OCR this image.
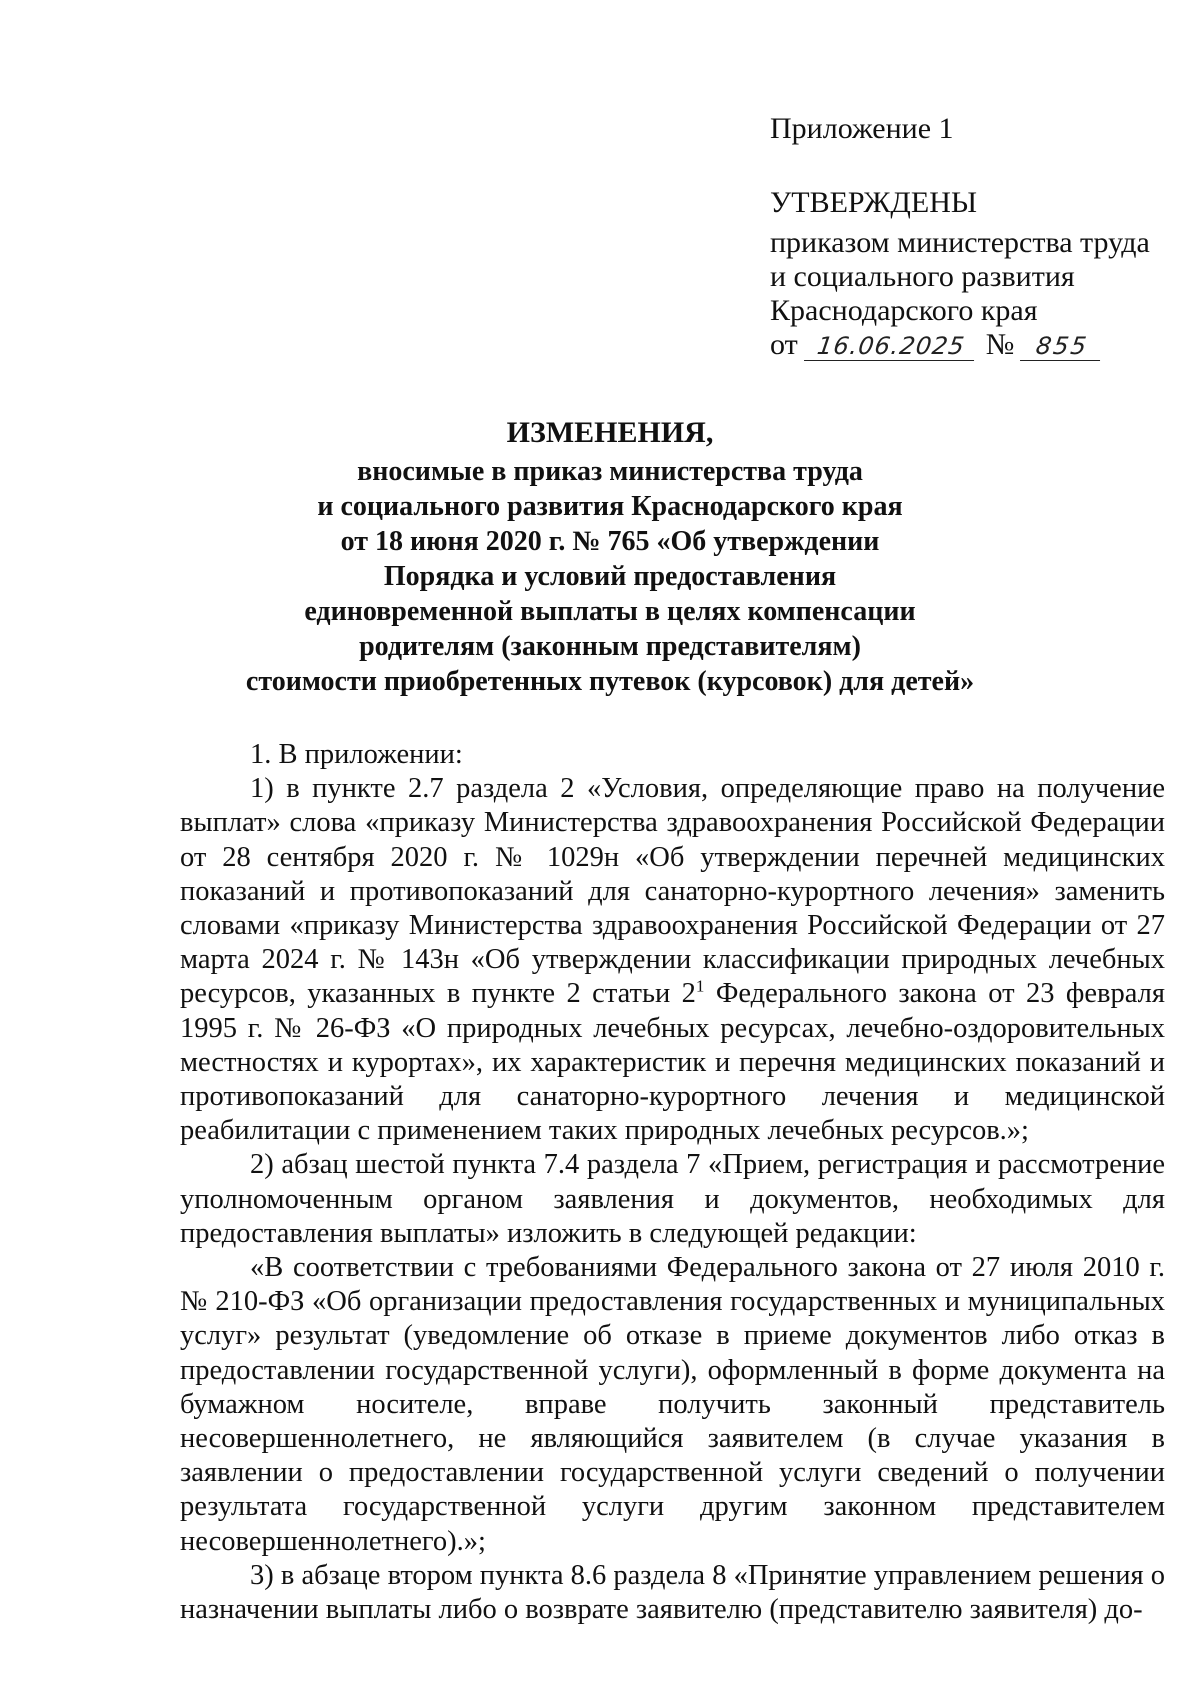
Приложение 1
УТВЕРЖДЕНЫ
приказом министерства труда
и социального развития
Краснодарского края
от 16.06.2025 № 855
ИЗМЕНЕНИЯ,
вносимые в приказ министерства труда
и социального развития Краснодарского края
от 18 июня 2020 г. № 765 «Об утверждении
Порядка и условий предоставления
единовременной выплаты в целях компенсации
родителям (законным представителям)
стоимости приобретенных путевок (курсовок) для детей»

1. В приложении:

1) в пункте 2.7 раздела 2 «Условия, определяющие право на получение выплат» слова «приказу Министерства здравоохранения Российской Федерации от 28 сентября 2020 г. № 1029н «Об утверждении перечней медицинских показаний и противопоказаний для санаторно-курортного лечения» заменить словами «приказу Министерства здравоохранения Российской Федерации от 27 марта 2024 г. № 143н «Об утверждении классификации природных лечебных ресурсов, указанных в пункте 2 статьи $2^1$ Федерального закона от 23 февраля 1995 г. № 26-ФЗ «О природных лечебных ресурсах, лечебно-оздоровительных местностях и курортах», их характеристик и перечня медицинских показаний и противопоказаний для санаторно-курортного лечения и медицинской реабилитации с применением таких природных лечебных ресурсов.»;

2) абзац шестой пункта 7.4 раздела 7 «Прием, регистрация и рассмотрение уполномоченным органом заявления и документов, необходимых для предоставления выплаты» изложить в следующей редакции:

«В соответствии с требованиями Федерального закона от 27 июля 2010 г. № 210-ФЗ «Об организации предоставления государственных и муниципальных услуг» результат (уведомление об отказе в приеме документов либо отказ в предоставлении государственной услуги), оформленный в форме документа на бумажном носителе, вправе получить законный представитель несовершеннолетнего, не являющийся заявителем (в случае указания в заявлении о предоставлении государственной услуги сведений о получении результата государственной услуги другим законном представителем несовершеннолетнего).»;

3) в абзаце втором пункта 8.6 раздела 8 «Принятие управлением решения о назначении выплаты либо о возврате заявителю (представителю заявителя) до-
